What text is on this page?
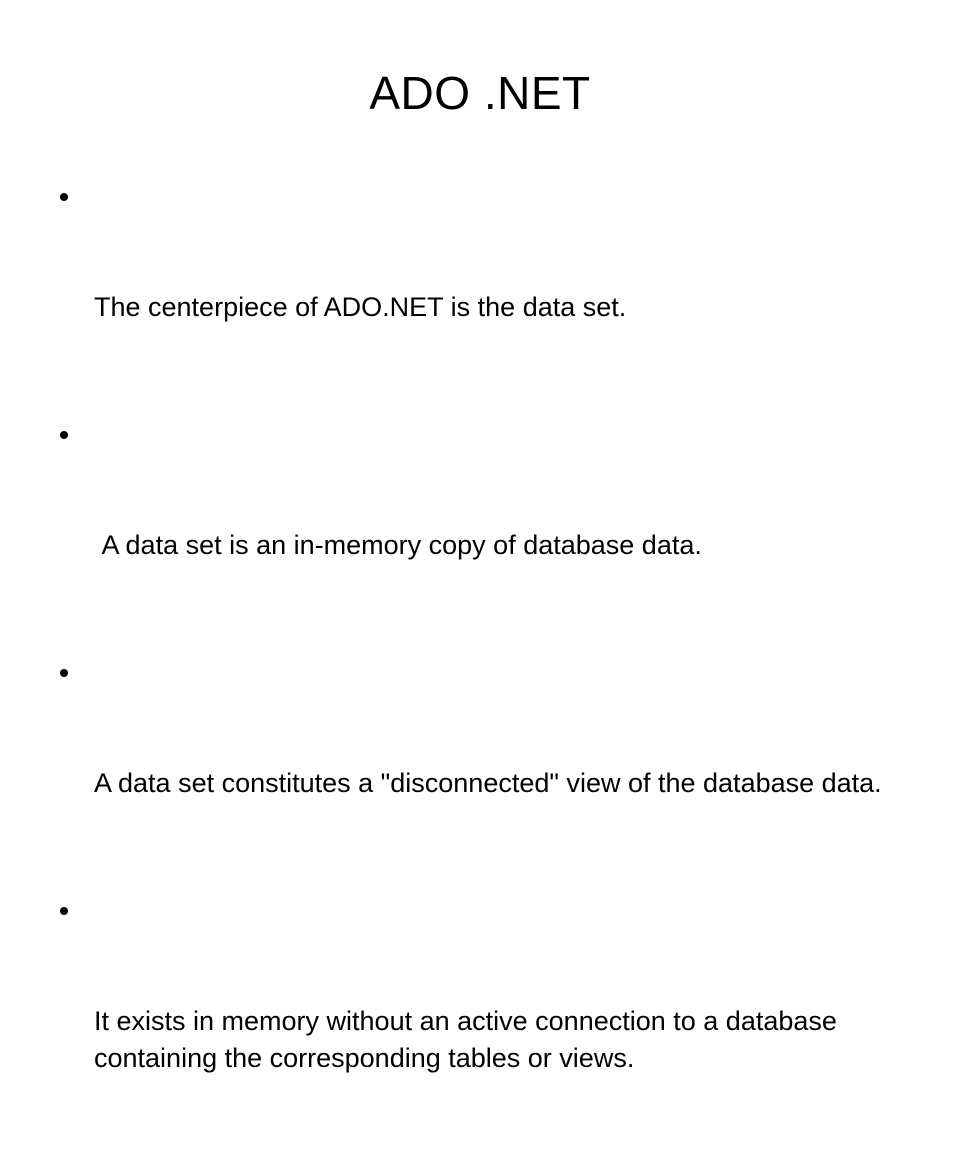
ADO .NET

The centerpiece of ADO.NET is the data set.

A data set is an in-memory copy of database data.

A data set constitutes a "disconnected" view of the database data.

It exists in memory without an active connection to a database containing the corresponding tables or views.
